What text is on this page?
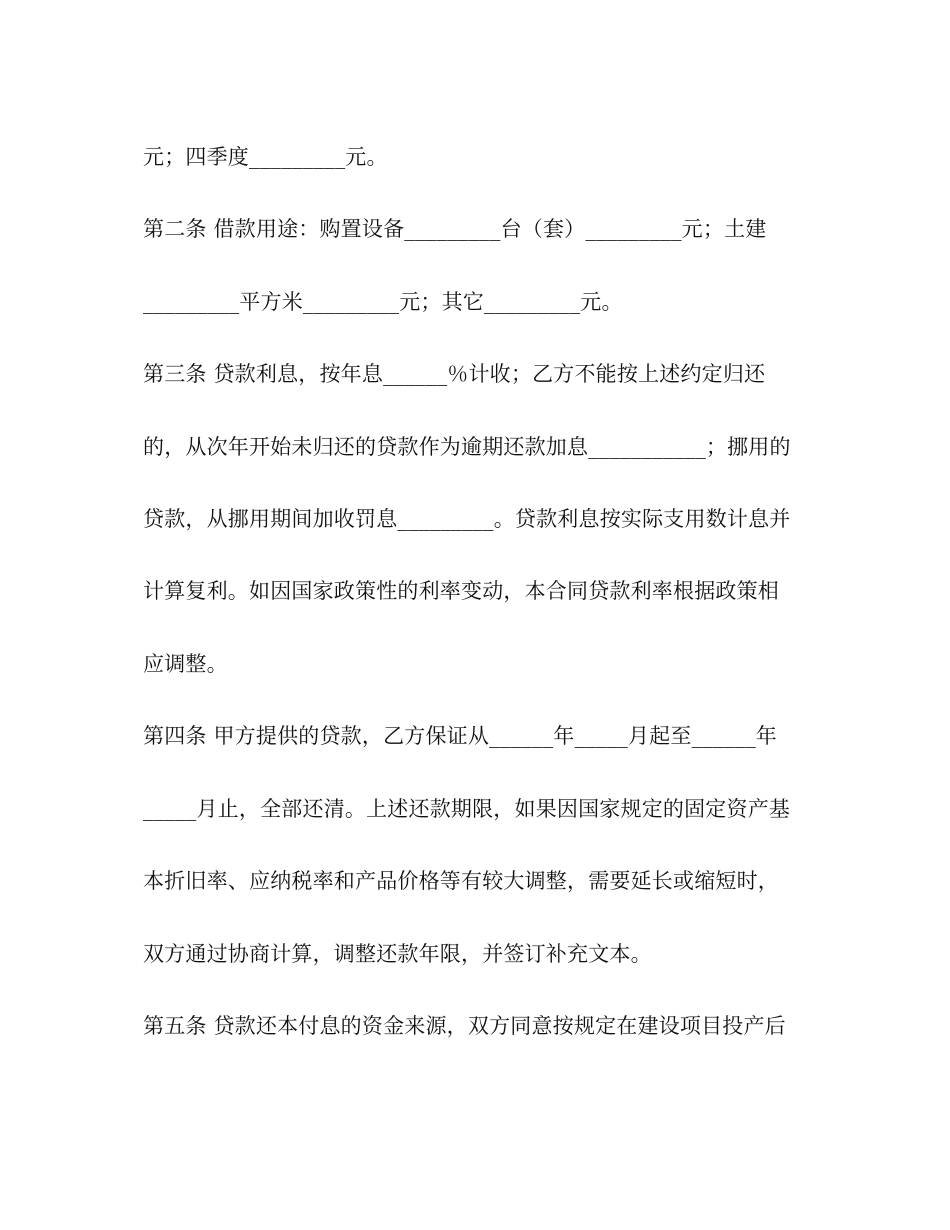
元；四季度_________元。
第二条 借款用途：购置设备_________台（套）_________元；土建
_________平方米_________元；其它_________元。
第三条 贷款利息，按年息______％计收；乙方不能按上述约定归还
的，从次年开始未归还的贷款作为逾期还款加息___________；挪用的
贷款，从挪用期间加收罚息_________。贷款利息按实际支用数计息并
计算复利。如因国家政策性的利率变动，本合同贷款利率根据政策相
应调整。
第四条 甲方提供的贷款，乙方保证从______年_____月起至______年
_____月止，全部还清。上述还款期限，如果因国家规定的固定资产基
本折旧率、应纳税率和产品价格等有较大调整，需要延长或缩短时，
双方通过协商计算，调整还款年限，并签订补充文本。
第五条 贷款还本付息的资金来源，双方同意按规定在建设项目投产后
